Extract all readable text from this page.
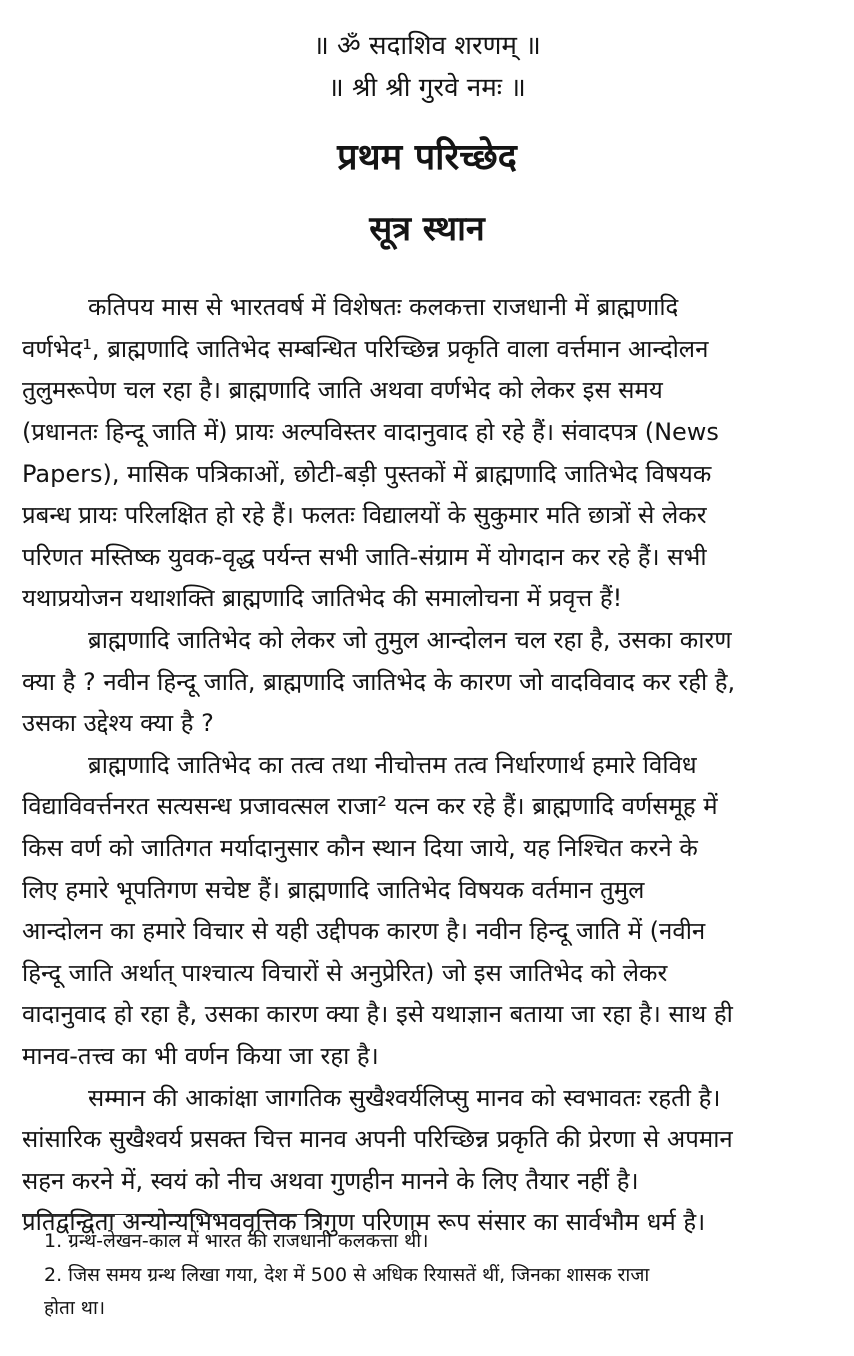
॥ ॐ सदाशिव शरणम् ॥
॥ श्री श्री गुरवे नमः ॥
प्रथम परिच्छेद
सूत्र स्थान
कतिपय मास से भारतवर्ष में विशेषतः कलकत्ता राजधानी में ब्राह्मणादि
वर्णभेद¹, ब्राह्मणादि जातिभेद सम्बन्धित परिच्छिन्न प्रकृति वाला वर्त्तमान आन्दोलन
तुलुमरूपेण चल रहा है। ब्राह्मणादि जाति अथवा वर्णभेद को लेकर इस समय
(प्रधानतः हिन्दू जाति में) प्रायः अल्पविस्तर वादानुवाद हो रहे हैं। संवादपत्र (News
Papers), मासिक पत्रिकाओं, छोटी-बड़ी पुस्तकों में ब्राह्मणादि जातिभेद विषयक
प्रबन्ध प्रायः परिलक्षित हो रहे हैं। फलतः विद्यालयों के सुकुमार मति छात्रों से लेकर
परिणत मस्तिष्क युवक-वृद्ध पर्यन्त सभी जाति-संग्राम में योगदान कर रहे हैं। सभी
यथाप्रयोजन यथाशक्ति ब्राह्मणादि जातिभेद की समालोचना में प्रवृत्त हैं!
ब्राह्मणादि जातिभेद को लेकर जो तुमुल आन्दोलन चल रहा है, उसका कारण
क्या है ? नवीन हिन्दू जाति, ब्राह्मणादि जातिभेद के कारण जो वादविवाद कर रही है,
उसका उद्देश्य क्या है ?
ब्राह्मणादि जातिभेद का तत्व तथा नीचोत्तम तत्व निर्धारणार्थ हमारे विविध
विद्याविवर्त्तनरत सत्यसन्ध प्रजावत्सल राजा² यत्न कर रहे हैं। ब्राह्मणादि वर्णसमूह में
किस वर्ण को जातिगत मर्यादानुसार कौन स्थान दिया जाये, यह निश्चित करने के
लिए हमारे भूपतिगण सचेष्ट हैं। ब्राह्मणादि जातिभेद विषयक वर्तमान तुमुल
आन्दोलन का हमारे विचार से यही उद्दीपक कारण है। नवीन हिन्दू जाति में (नवीन
हिन्दू जाति अर्थात् पाश्चात्य विचारों से अनुप्रेरित) जो इस जातिभेद को लेकर
वादानुवाद हो रहा है, उसका कारण क्या है। इसे यथाज्ञान बताया जा रहा है। साथ ही
मानव-तत्त्व का भी वर्णन किया जा रहा है।
सम्मान की आकांक्षा जागतिक सुखैश्वर्यलिप्सु मानव को स्वभावतः रहती है।
सांसारिक सुखैश्वर्य प्रसक्त चित्त मानव अपनी परिच्छिन्न प्रकृति की प्रेरणा से अपमान
सहन करने में, स्वयं को नीच अथवा गुणहीन मानने के लिए तैयार नहीं है।
प्रतिद्वन्द्विता अन्योन्यभिभववृत्तिक त्रिगुण परिणाम रूप संसार का सार्वभौम धर्म है।
1. ग्रन्थ-लेखन-काल में भारत की राजधानी कलकत्ता थी।
2. जिस समय ग्रन्थ लिखा गया, देश में 500 से अधिक रियासतें थीं, जिनका शासक राजा
होता था।
